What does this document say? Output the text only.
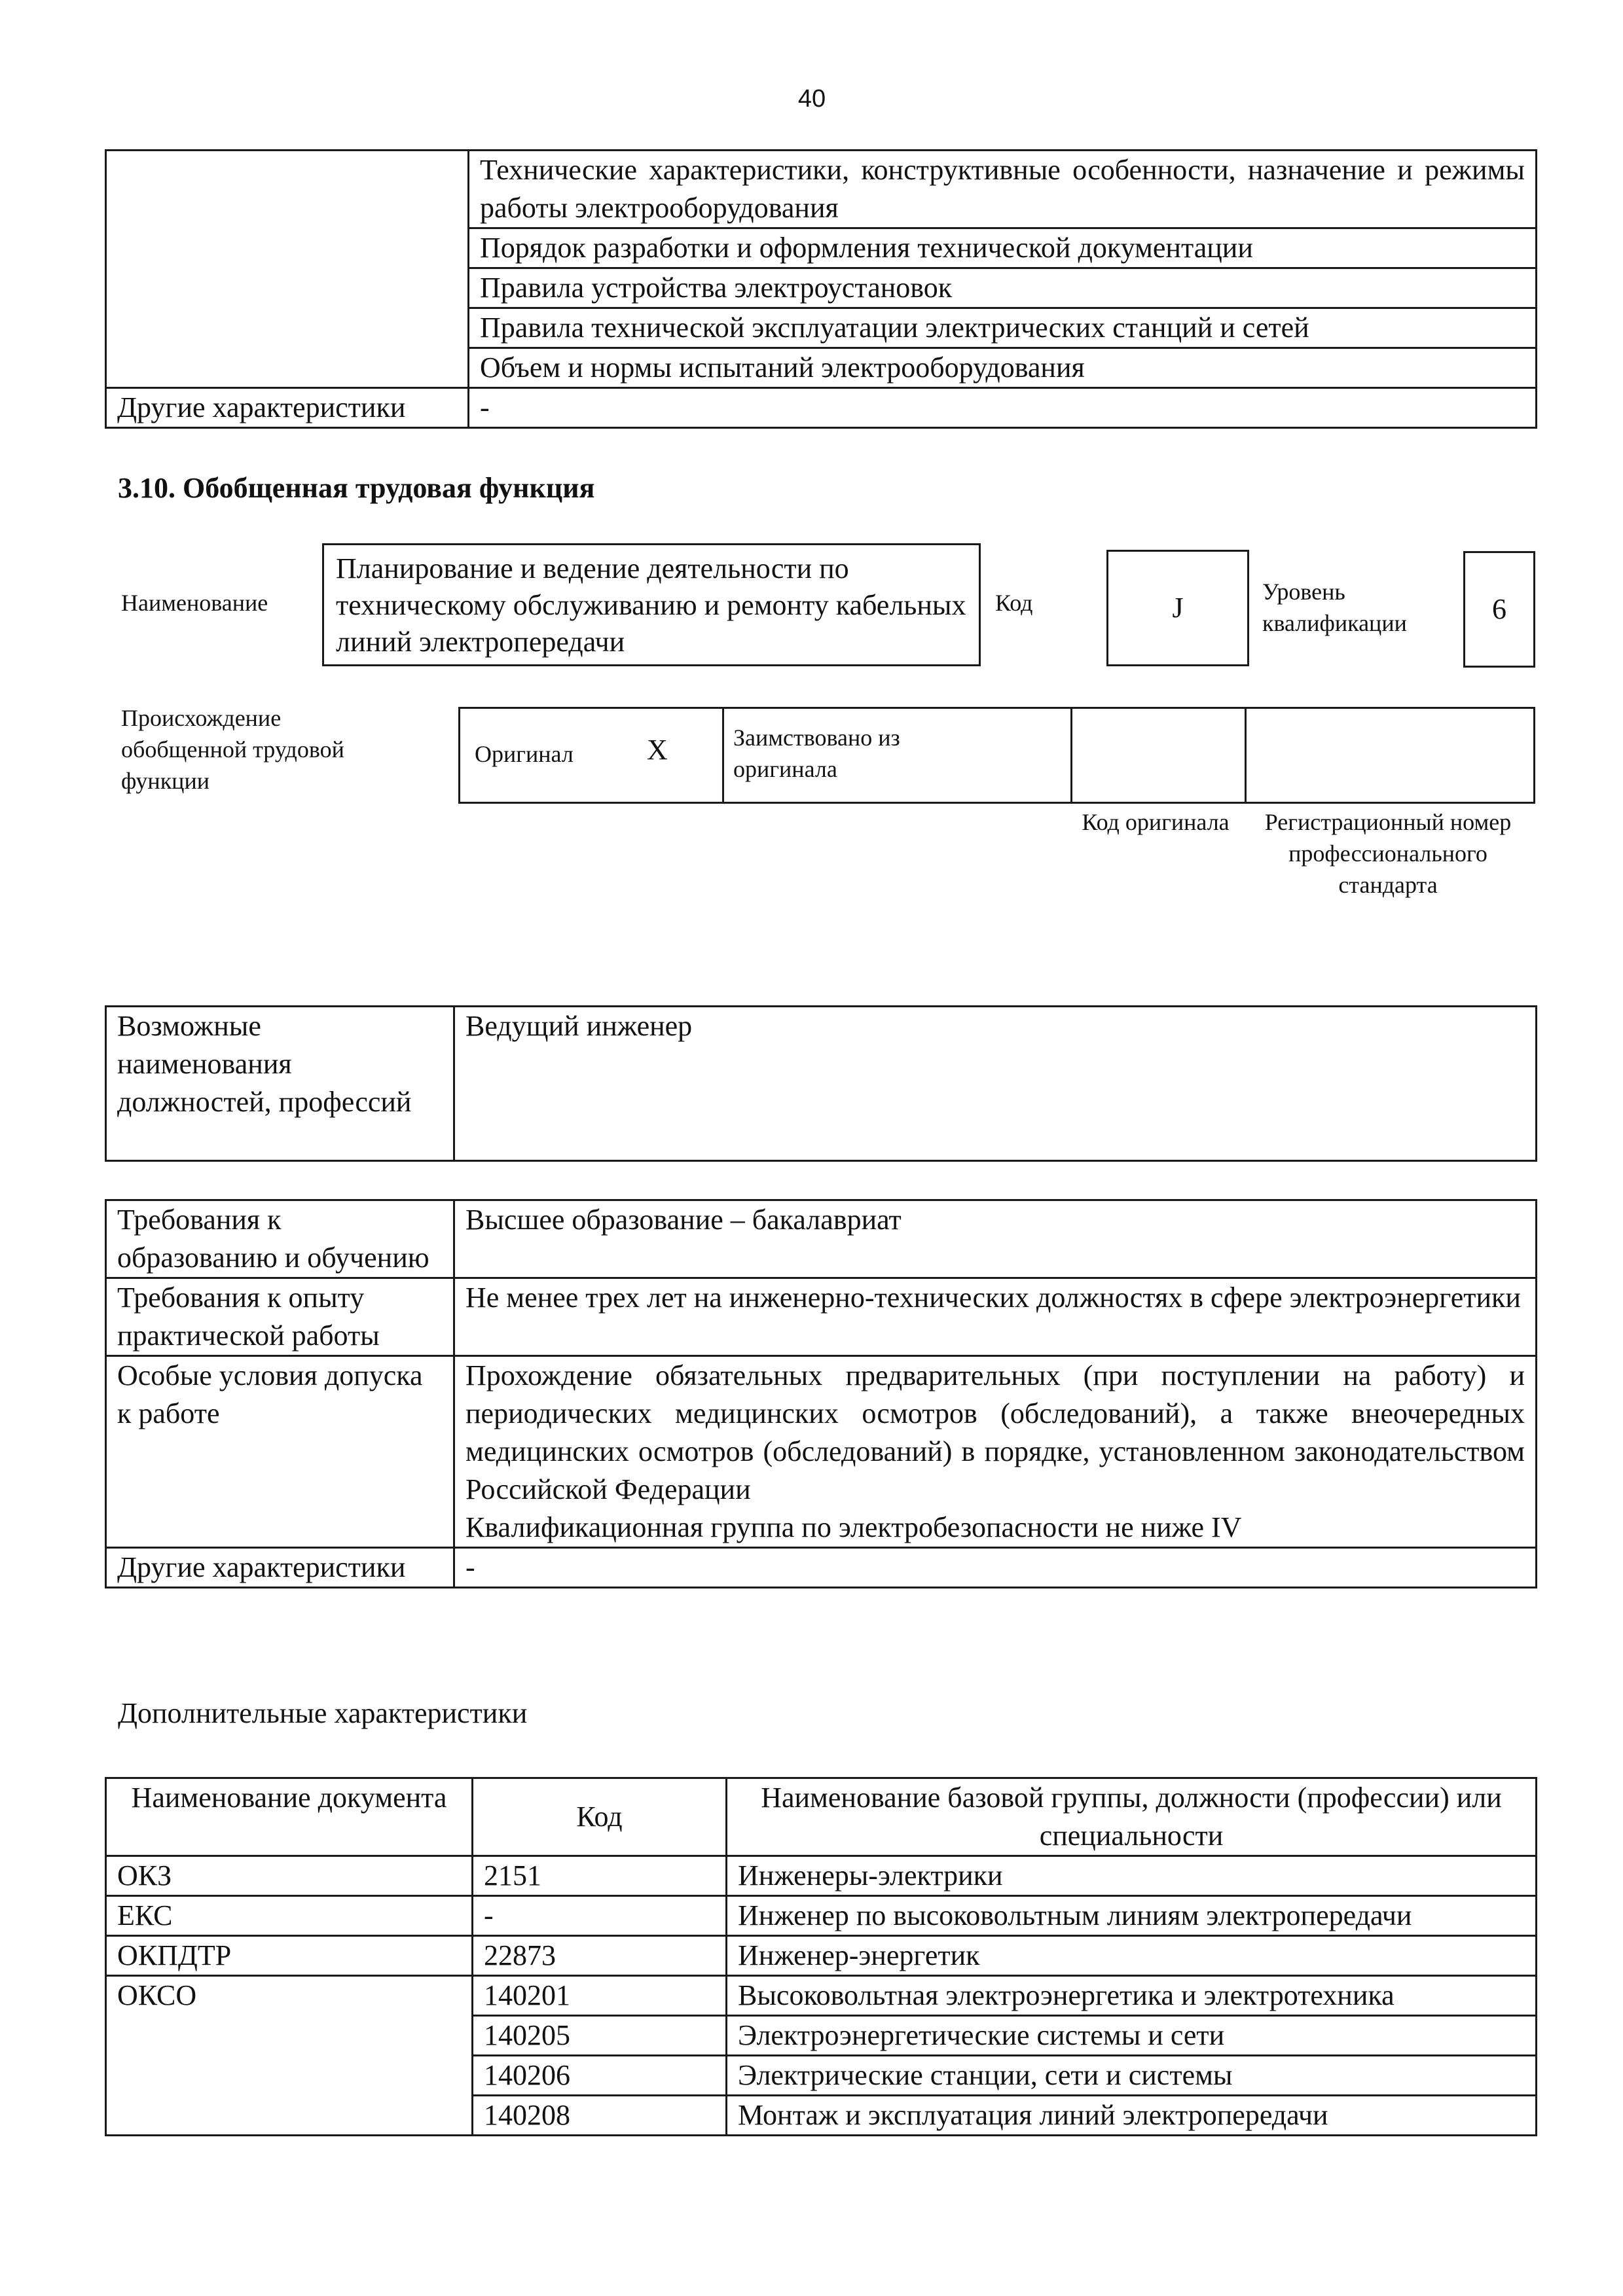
40
	Технические характеристики, конструктивные особенности, назначение и режимы работы электрооборудования
	Порядок разработки и оформления технической документации
	Правила устройства электроустановок
	Правила технической эксплуатации электрических станций и сетей
	Объем и нормы испытаний электрооборудования
Другие характеристики	-
3.10. Обобщенная трудовая функция
Наименование
Планирование и ведение деятельности по техническому обслуживанию и ремонту кабельных линий электропередачи
Код	J	Уровень квалификации	6
Происхождение обобщенной трудовой функции
Оригинал	X	Заимствовано из оригинала
Код оригинала Регистрационный номер профессионального стандарта
Возможные наименования должностей, профессий	Ведущий инженер
Требования к образованию и обучению	Высшее образование – бакалавриат
Требования к опыту практической работы	Не менее трех лет на инженерно-технических должностях в сфере электроэнергетики
Особые условия допуска к работе	Прохождение обязательных предварительных (при поступлении на работу) и периодических медицинских осмотров (обследований), а также внеочередных медицинских осмотров (обследований) в порядке, установленном законодательством Российской Федерации
Квалификационная группа по электробезопасности не ниже IV

Другие характеристики	-
Дополнительные характеристики
Наименование документа	Код	Наименование базовой группы, должности (профессии) или специальности
ОКЗ	2151	Инженеры-электрики
ЕКС	-	Инженер по высоковольтным линиям электропередачи
ОКПДТР	22873	Инженер-энергетик
ОКСО	140201	Высоковольтная электроэнергетика и электротехника
	140205	Электроэнергетические системы и сети
	140206	Электрические станции, сети и системы
	140208	Монтаж и эксплуатация линий электропередачи
